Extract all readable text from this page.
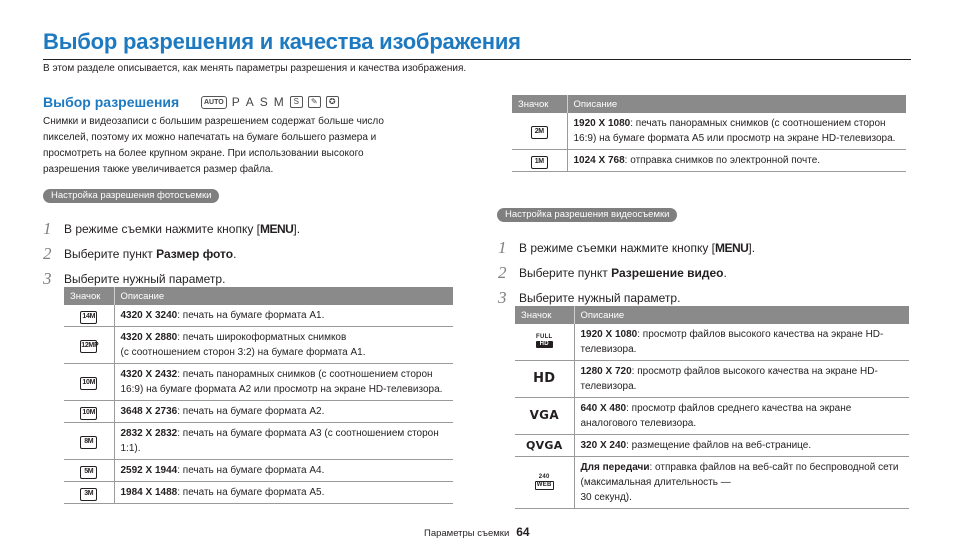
Выбор разрешения и качества изображения
В этом разделе описывается, как менять параметры разрешения и качества изображения.
Выбор разрешения	AUTO P A S M	S	✎	✪
Снимки и видеозаписи с большим разрешением содержат больше число пикселей, поэтому их можно напечатать на бумаге большего размера и просмотреть на более крупном экране. При использовании высокого разрешения также увеличивается размер файла.
Настройка разрешения фотосъемки
1	В режиме съемки нажмите кнопку [ MENU ].
2	Выберите пункт
Размер фото .
3	Выберите нужный параметр.
Значок	Описание
14M	4320 X 3240: печать на бумаге формата A1.
12MP	4320 X 2880: печать широкоформатных снимков
(с соотношением сторон 3:2) на бумаге формата A1.
10M	4320 X 2432: печать панорамных снимков (с соотношением сторон 16:9) на бумаге формата A2 или просмотр на экране HD-телевизора.
10M	3648 X 2736: печать на бумаге формата A2.
8M	2832 X 2832: печать на бумаге формата A3 (с соотношением сторон 1:1).
5M	2592 X 1944: печать на бумаге формата A4.
3M	1984 X 1488: печать на бумаге формата A5.
Значок	Описание
2M	1920 X 1080: печать панорамных снимков (с соотношением сторон 16:9) на бумаге формата A5 или просмотр на экране HD-телевизора.
1M	1024 X 768: отправка снимков по электронной почте.
Настройка разрешения видеосъемки
1	В режиме съемки нажмите кнопку [ MENU ].
2	Выберите пункт
Разрешение видео .
3	Выберите нужный параметр.
Значок	Описание

FULL
HD	1920 X 1080: просмотр файлов высокого качества на экране HD-телевизора.
HD	1280 X 720: просмотр файлов высокого качества на экране HD-телевизора.
VGA	640 X 480: просмотр файлов среднего качества на экране аналогового телевизора.
QVGA	320 X 240: размещение файлов на веб-странице.

240
WEB	Для передачи: отправка файлов на веб-сайт по беспроводной сети (максимальная длительность —
30 секунд).
Параметры съемки 64
